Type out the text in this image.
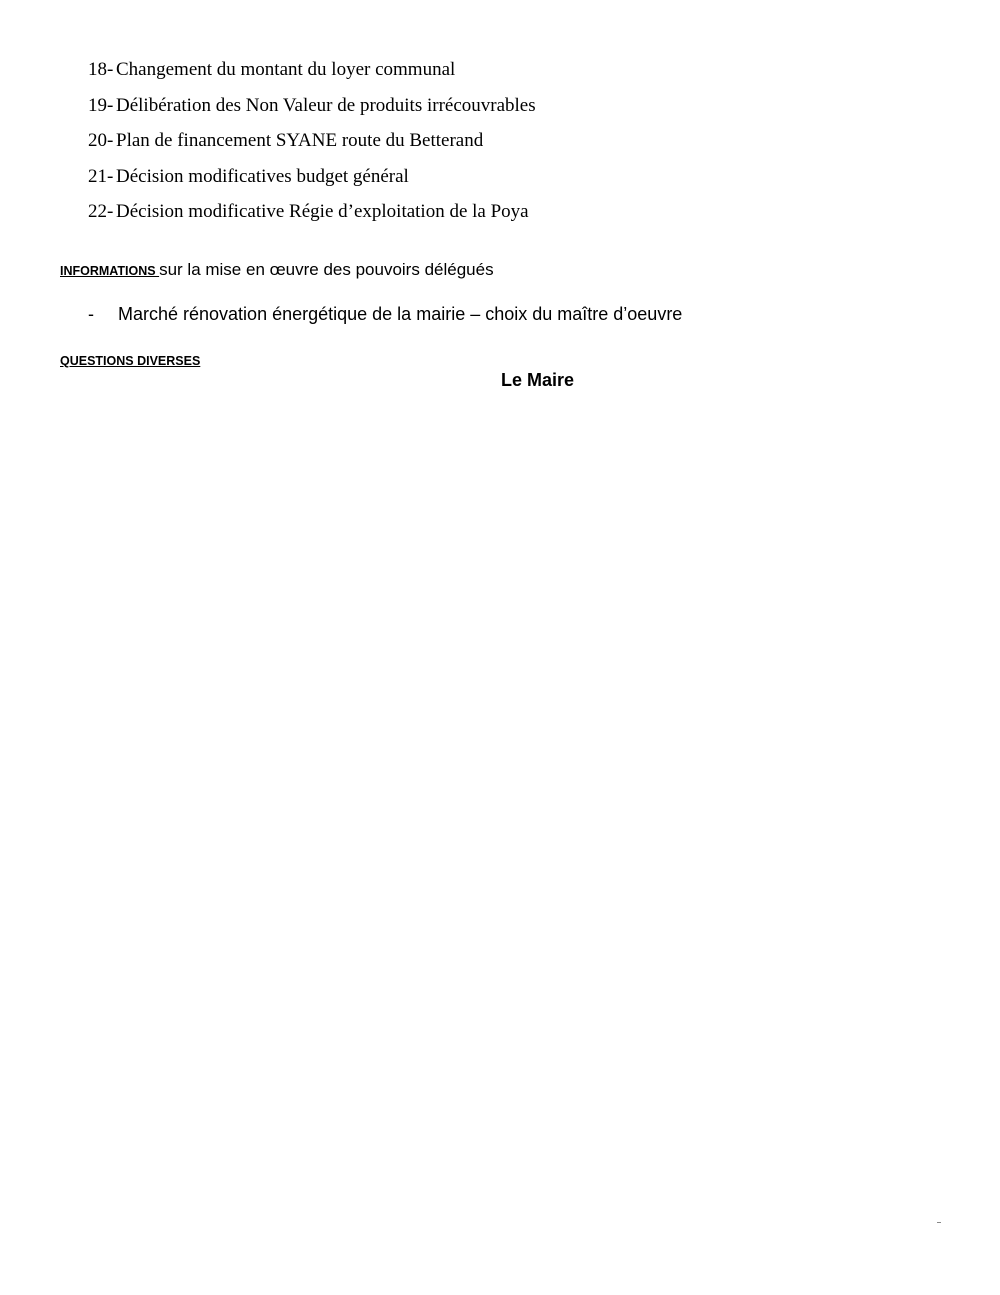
18- Changement du montant du loyer communal
19- Délibération des Non Valeur de produits irrécouvrables
20- Plan de financement SYANE route du Betterand
21- Décision modificatives budget général
22- Décision modificative Régie d’exploitation de la Poya
INFORMATIONS sur la mise en œuvre des pouvoirs délégués
- Marché rénovation énergétique de la mairie – choix du maître d’oeuvre
QUESTIONS DIVERSES
Le Maire
